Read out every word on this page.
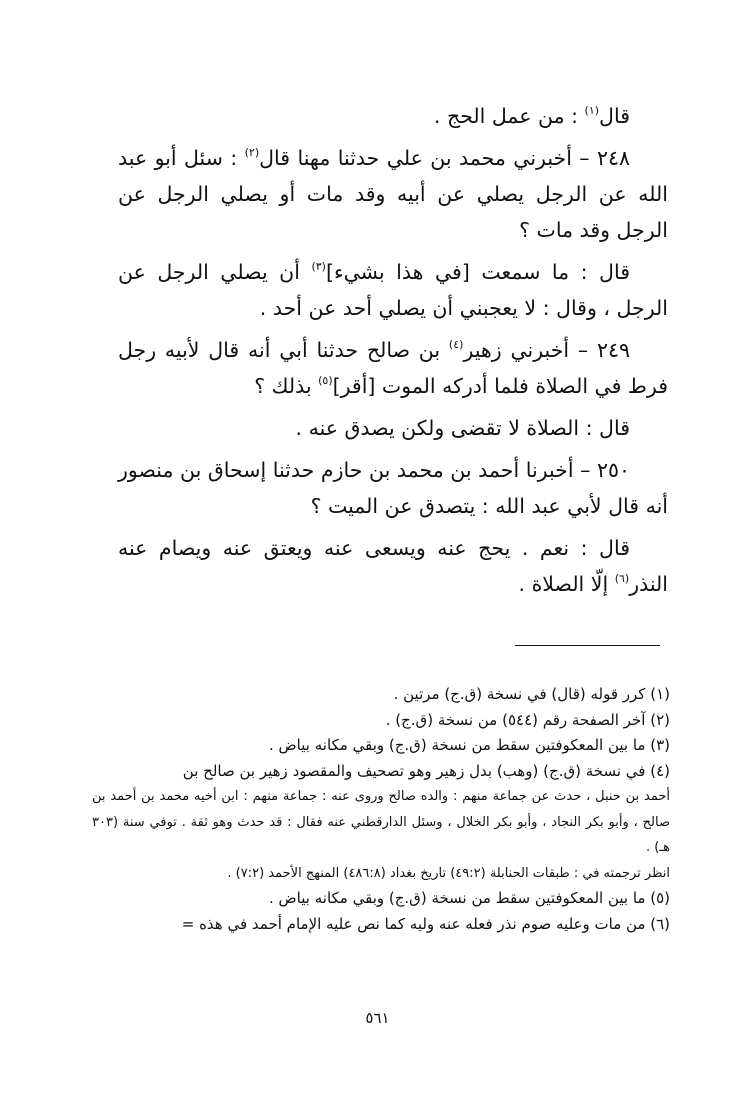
قال$^{(١)}$ : من عمل الحج .

٢٤٨ – أخبرني محمد بن علي حدثنا مهنا قال$^{(٢)}$ : سئل أبو عبد الله عن الرجل يصلي عن أبيه وقد مات أو يصلي الرجل عن الرجل وقد مات ؟

قال : ما سمعت [في هذا بشيء]$^{(٣)}$ أن يصلي الرجل عن الرجل ، وقال : لا يعجبني أن يصلي أحد عن أحد .

٢٤٩ – أخبرني زهير$^{(٤)}$ بن صالح حدثنا أبي أنه قال لأبيه رجل فرط في الصلاة فلما أدركه الموت [أقر]$^{(٥)}$ بذلك ؟

قال : الصلاة لا تقضى ولكن يصدق عنه .

٢٥٠ – أخبرنا أحمد بن محمد بن حازم حدثنا إسحاق بن منصور أنه قال لأبي عبد الله : يتصدق عن الميت ؟

قال : نعم . يحج عنه ويسعى عنه ويعتق عنه ويصام عنه النذر$^{(٦)}$ إلّا الصلاة .

(١) كرر قوله (قال) في نسخة (ق.ج) مرتين .

(٢) آخر الصفحة رقم (٥٤٤) من نسخة (ق.ج) .

(٣) ما بين المعكوفتين سقط من نسخة (ق.ج) وبقي مكانه بياض .

(٤) في نسخة (ق.ج) (وهب) بدل زهير وهو تصحيف والمقصود زهير بن صالح بن

أحمد بن حنبل ، حدث عن جماعة منهم : والده صالح وروى عنه : جماعة منهم : ابن أخيه محمد بن أحمد بن صالح ، وأبو بكر النجاد ، وأبو بكر الخلال ، وسئل الدارقطني عنه فقال : قد حدث وهو ثقة . توفي سنة (٣٠٣ هـ) .

انظر ترجمته في : طبقات الحنابلة (٤٩:٢) تاريخ بغداد (٤٨٦:٨) المنهج الأحمد (٧:٢) .

(٥) ما بين المعكوفتين سقط من نسخة (ق.ج) وبقي مكانه بياض .

(٦) من مات وعليه صوم نذر فعله عنه وليه كما نص عليه الإمام أحمد في هذه =

٥٦١
